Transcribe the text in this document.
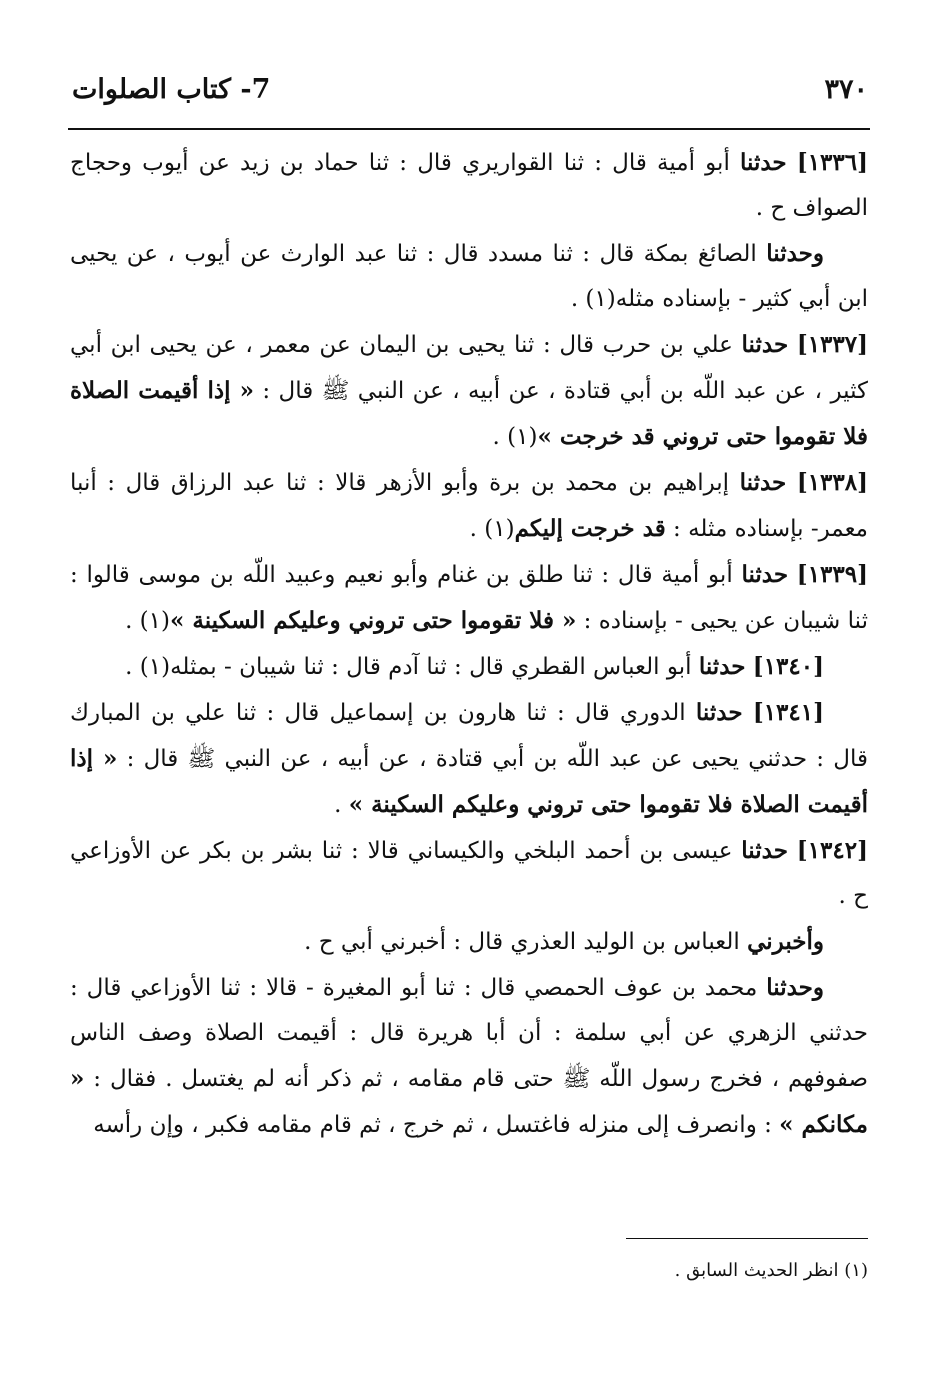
٣٧٠
7- كتاب الصلوات

[١٣٣٦] حدثنا أبو أمية قال : ثنا القواريري قال : ثنا حماد بن زيد عن أيوب وحجاج الصواف ح .

وحدثنا الصائغ بمكة قال : ثنا مسدد قال : ثنا عبد الوارث عن أيوب ، عن يحيى ابن أبي كثير - بإسناده مثله(١) .

[١٣٣٧] حدثنا علي بن حرب قال : ثنا يحيى بن اليمان عن معمر ، عن يحيى ابن أبي كثير ، عن عبد اللّه بن أبي قتادة ، عن أبيه ، عن النبي ﷺ قال : « إذا أقيمت الصلاة فلا تقوموا حتى تروني قد خرجت »(١) .

[١٣٣٨] حدثنا إبراهيم بن محمد بن برة وأبو الأزهر قالا : ثنا عبد الرزاق قال : أنبا معمر- بإسناده مثله : قد خرجت إليكم(١) .

[١٣٣٩] حدثنا أبو أمية قال : ثنا طلق بن غنام وأبو نعيم وعبيد اللّه بن موسى قالوا : ثنا شيبان عن يحيى - بإسناده : « فلا تقوموا حتى تروني وعليكم السكينة »(١) .

[١٣٤٠] حدثنا أبو العباس القطري قال : ثنا آدم قال : ثنا شيبان - بمثله(١) .

[١٣٤١] حدثنا الدوري قال : ثنا هارون بن إسماعيل قال : ثنا علي بن المبارك قال : حدثني يحيى عن عبد اللّه بن أبي قتادة ، عن أبيه ، عن النبي ﷺ قال : « إذا أقيمت الصلاة فلا تقوموا حتى تروني وعليكم السكينة » .

[١٣٤٢] حدثنا عيسى بن أحمد البلخي والكيساني قالا : ثنا بشر بن بكر عن الأوزاعي ح .

وأخبرني العباس بن الوليد العذري قال : أخبرني أبي ح .

وحدثنا محمد بن عوف الحمصي قال : ثنا أبو المغيرة - قالا : ثنا الأوزاعي قال : حدثني الزهري عن أبي سلمة : أن أبا هريرة قال : أقيمت الصلاة وصف الناس صفوفهم ، فخرج رسول اللّه ﷺ حتى قام مقامه ، ثم ذكر أنه لم يغتسل . فقال : « مكانكم » : وانصرف إلى منزله فاغتسل ، ثم خرج ، ثم قام مقامه فكبر ، وإن رأسه

(١) انظر الحديث السابق .
